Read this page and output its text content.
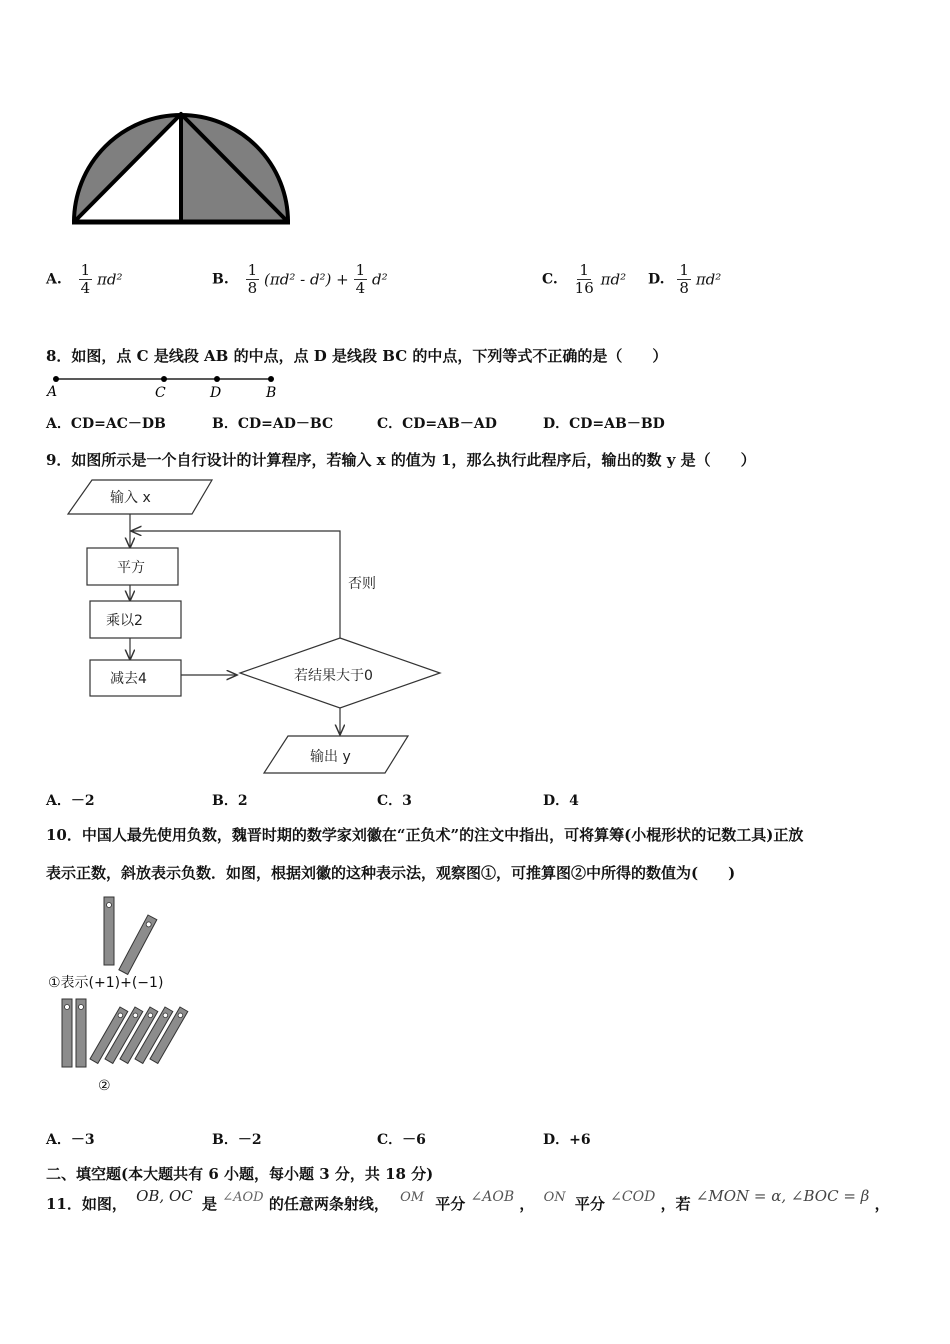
A. $\frac{1}{4} \pi d^2$	B. $\frac{1}{8} (\pi d^2 - d^2) + \frac{1}{4} d^2$	C. $\frac{1}{16} \pi d^2$ D. $\frac{1}{8} \pi d^2$
8．如图，点 C 是线段 AB 的中点，点 D 是线段 BC 的中点，下列等式不正确的是（　　）
A	C	D	B
A．CD=AC－DB	B．CD=AD－BC	C．CD=AB－AD	D．CD=AB－BD
9．如图所示是一个自行设计的计算程序，若输入 x 的值为 1，那么执行此程序后，输出的数 y 是（　　）
输入 x
平方
乘以2
减去4	若结果大于0
否则
输出 y
A．－2	B．2	C．3	D．4
10．中国人最先使用负数，魏晋时期的数学家刘徽在“正负术”的注文中指出，可将算筹(小棍形状的记数工具)正放
表示正数，斜放表示负数．如图，根据刘徽的这种表示法，观察图①，可推算图②中所得的数值为(　　)
①表示(+1)+(−1)
②
A．－3	B．－2	C．－6	D．+6
二、填空题(本大题共有 6 小题，每小题 3 分，共 18 分)
11．如图， OB, OC 是 ∠AOD 的任意两条射线， OM 平分 ∠AOB ， ON 平分 ∠COD ，若 ∠MON = α, ∠BOC = β ，
